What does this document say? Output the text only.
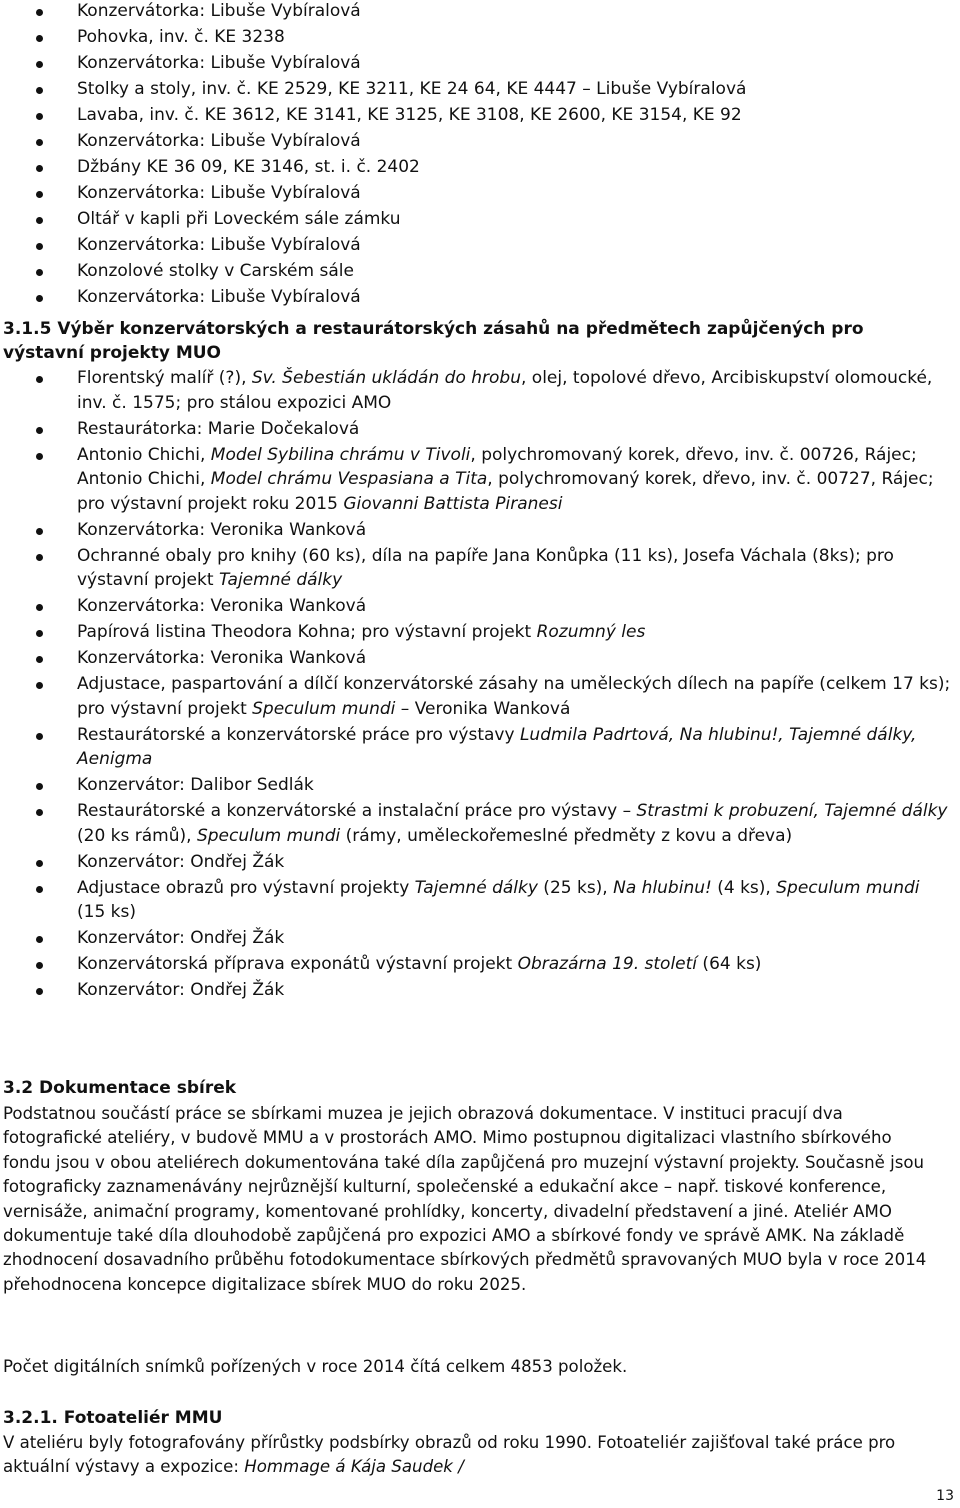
Konzervátorka: Libuše Vybíralová
Pohovka, inv. č. KE 3238
Konzervátorka: Libuše Vybíralová
Stolky a stoly, inv. č. KE 2529, KE 3211, KE 24 64, KE 4447 – Libuše Vybíralová
Lavaba, inv. č. KE 3612, KE 3141, KE 3125, KE 3108, KE 2600, KE 3154, KE 92
Konzervátorka: Libuše Vybíralová
Džbány KE 36 09, KE 3146, st. i. č. 2402
Konzervátorka: Libuše Vybíralová
Oltář v kapli při Loveckém sále zámku
Konzervátorka: Libuše Vybíralová
Konzolové stolky v Carském sále
Konzervátorka: Libuše Vybíralová
3.1.5 Výběr konzervátorských a restaurátorských zásahů na předmětech zapůjčených pro výstavní projekty MUO
Florentský malíř (?), Sv. Šebestián ukládán do hrobu, olej, topolové dřevo, Arcibiskupství olomoucké, inv. č. 1575; pro stálou expozici AMO
Restaurátorka: Marie Dočekalová
Antonio Chichi, Model Sybilina chrámu v Tivoli, polychromovaný korek, dřevo, inv. č. 00726, Rájec; Antonio Chichi, Model chrámu Vespasiana a Tita, polychromovaný korek, dřevo, inv. č. 00727, Rájec; pro výstavní projekt roku 2015 Giovanni Battista Piranesi
Konzervátorka: Veronika Wanková
Ochranné obaly pro knihy (60 ks), díla na papíře Jana Konůpka (11 ks), Josefa Váchala (8ks); pro výstavní projekt Tajemné dálky
Konzervátorka: Veronika Wanková
Papírová listina Theodora Kohna; pro výstavní projekt Rozumný les
Konzervátorka: Veronika Wanková
Adjustace, paspartování a dílčí konzervátorské zásahy na uměleckých dílech na papíře (celkem 17 ks); pro výstavní projekt Speculum mundi – Veronika Wanková
Restaurátorské a konzervátorské práce pro výstavy Ludmila Padrtová, Na hlubinu!, Tajemné dálky, Aenigma
Konzervátor: Dalibor Sedlák
Restaurátorské a konzervátorské a instalační práce pro výstavy – Strastmi k probuzení, Tajemné dálky (20 ks rámů), Speculum mundi (rámy, uměleckořemeslné předměty z kovu a dřeva)
Konzervátor: Ondřej Žák
Adjustace obrazů pro výstavní projekty Tajemné dálky (25 ks), Na hlubinu! (4 ks), Speculum mundi (15 ks)
Konzervátor: Ondřej Žák
Konzervátorská příprava exponátů výstavní projekt Obrazárna 19. století (64 ks)
Konzervátor: Ondřej Žák
3.2 Dokumentace sbírek

Podstatnou součástí práce se sbírkami muzea je jejich obrazová dokumentace. V instituci pracují dva fotografické ateliéry, v budově MMU a v prostorách AMO. Mimo postupnou digitalizaci vlastního sbírkového fondu jsou v obou ateliérech dokumentována také díla zapůjčená pro muzejní výstavní projekty. Současně jsou fotograficky zaznamenávány nejrůznější kulturní, společenské a edukační akce – např. tiskové konference, vernisáže, animační programy, komentované prohlídky, koncerty, divadelní představení a jiné. Ateliér AMO dokumentuje také díla dlouhodobě zapůjčená pro expozici AMO a sbírkové fondy ve správě AMK. Na základě zhodnocení dosavadního průběhu fotodokumentace sbírkových předmětů spravovaných MUO byla v roce 2014 přehodnocena koncepce digitalizace sbírek MUO do roku 2025.

Počet digitálních snímků pořízených v roce 2014 čítá celkem 4853 položek.

3.2.1. Fotoateliér MMU

V ateliéru byly fotografovány přírůstky podsbírky obrazů od roku 1990. Fotoateliér zajišťoval také práce pro aktuální výstavy a expozice: Hommage á Kája Saudek /

13
